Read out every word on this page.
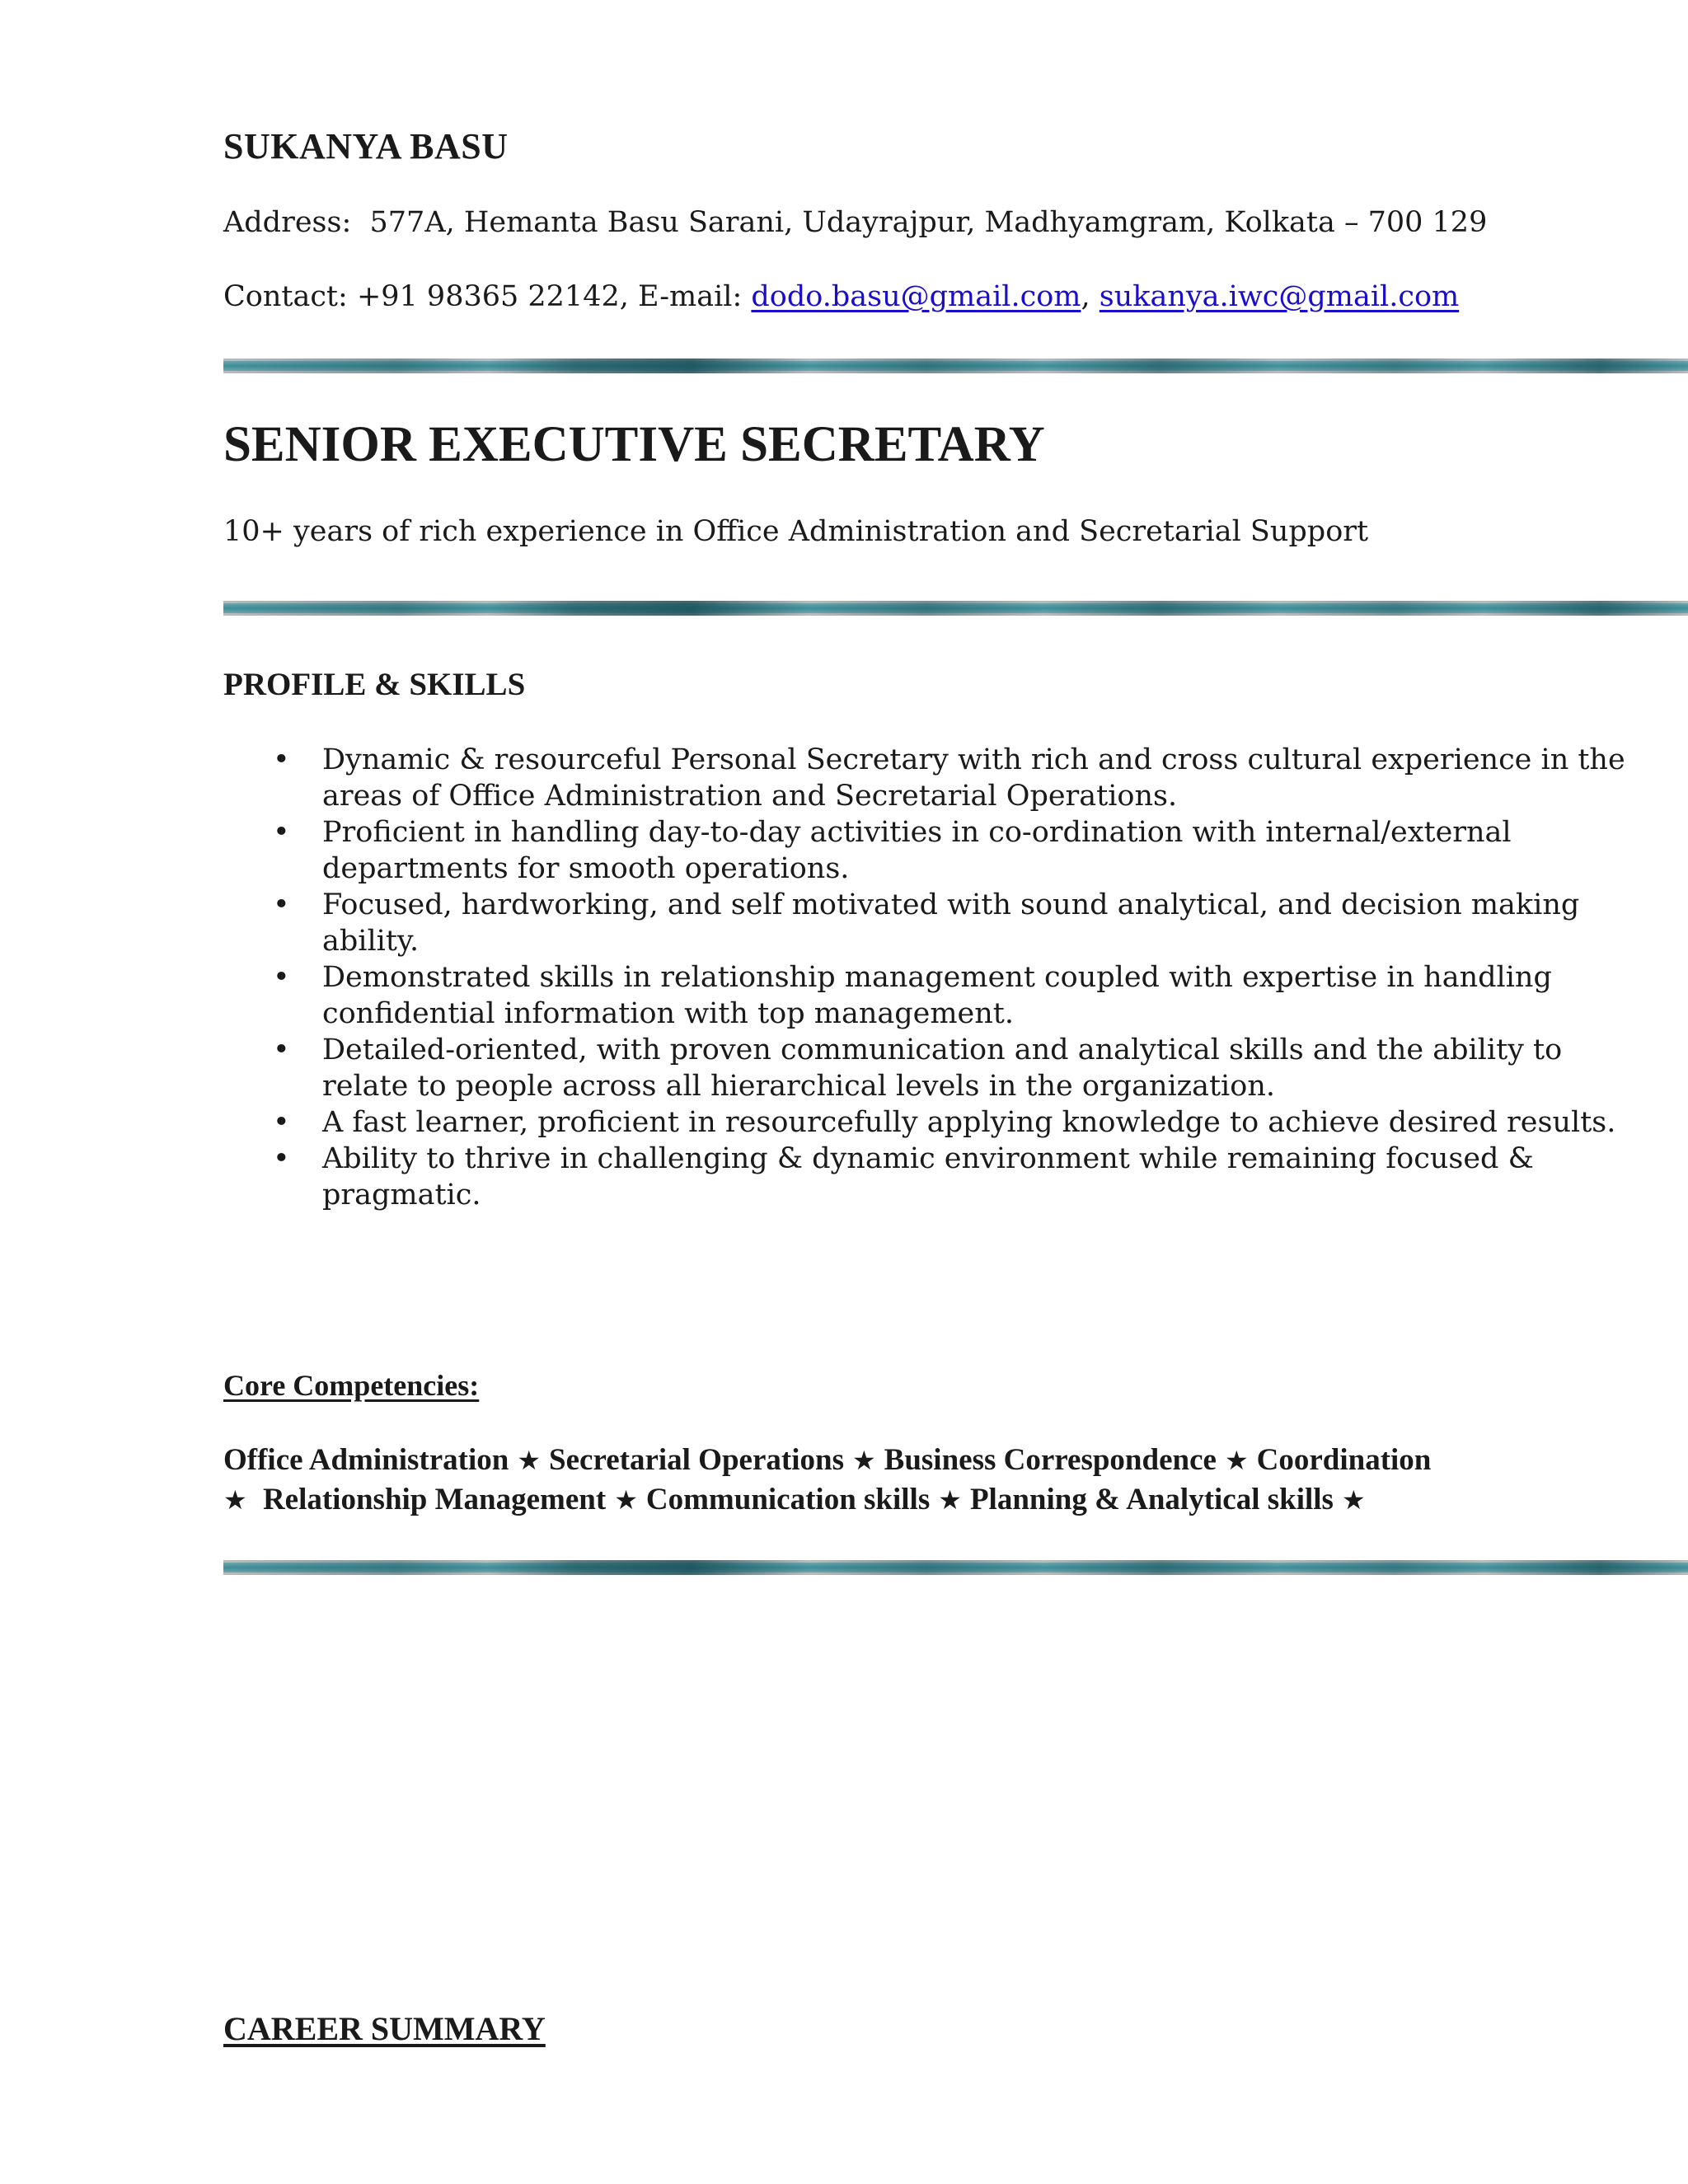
SUKANYA BASU
Address: 577A, Hemanta Basu Sarani, Udayrajpur, Madhyamgram, Kolkata – 700 129
Contact: +91 98365 22142, E-mail: dodo.basu@gmail.com, sukanya.iwc@gmail.com
SENIOR EXECUTIVE SECRETARY
10+ years of rich experience in Office Administration and Secretarial Support
PROFILE & SKILLS
• Dynamic & resourceful Personal Secretary with rich and cross cultural experience in the areas of Office Administration and Secretarial Operations.
• Proficient in handling day-to-day activities in co-ordination with internal/external departments for smooth operations.
• Focused, hardworking, and self motivated with sound analytical, and decision making ability.
• Demonstrated skills in relationship management coupled with expertise in handling confidential information with top management.
• Detailed-oriented, with proven communication and analytical skills and the ability to relate to people across all hierarchical levels in the organization.
• A fast learner, proficient in resourcefully applying knowledge to achieve desired results.
• Ability to thrive in challenging & dynamic environment while remaining focused & pragmatic.
Core Competencies:
Office Administration ★ Secretarial Operations ★ Business Correspondence ★ Coordination
★ Relationship Management ★ Communication skills ★ Planning & Analytical skills ★
CAREER SUMMARY
